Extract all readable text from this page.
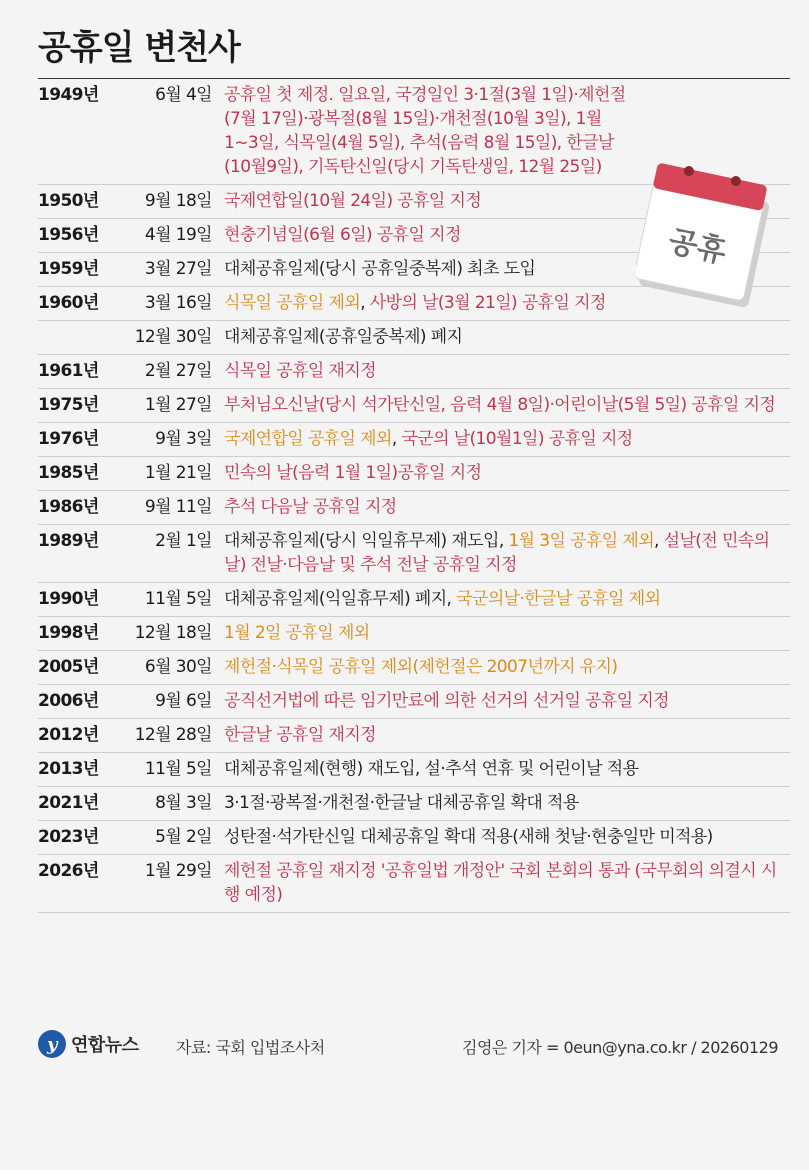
공휴일 변천사
1949년	6월 4일 공휴일 첫 제정. 일요일, 국경일인 3·1절(3월 1일)·제헌절(7월 17일)·광복절(8월 15일)·개천절(10월 3일), 1월 1~3일, 식목일(4월 5일), 추석(음력 8월 15일), 한글날(10월9일), 기독탄신일(당시 기독탄생일, 12월 25일)
1950년	9월 18일 국제연합일(10월 24일) 공휴일 지정
1956년	4월 19일 현충기념일(6월 6일) 공휴일 지정
1959년	3월 27일 대체공휴일제(당시 공휴일중복제) 최초 도입
1960년	3월 16일 식목일 공휴일 제외, 사방의 날(3월 21일) 공휴일 지정
12월 30일 대체공휴일제(공휴일중복제) 폐지
1961년	2월 27일 식목일 공휴일 재지정
1975년	1월 27일 부처님오신날(당시 석가탄신일, 음력 4월 8일)·어린이날(5월 5일) 공휴일 지정
1976년	9월 3일 국제연합일 공휴일 제외, 국군의 날(10월1일) 공휴일 지정
1985년	1월 21일 민속의 날(음력 1월 1일)공휴일 지정
1986년	9월 11일 추석 다음날 공휴일 지정
1989년	2월 1일 대체공휴일제(당시 익일휴무제) 재도입, 1월 3일 공휴일 제외, 설날(전 민속의 날) 전날·다음날 및 추석 전날 공휴일 지정
1990년	11월 5일 대체공휴일제(익일휴무제) 폐지, 국군의날·한글날 공휴일 제외
1998년	12월 18일 1월 2일 공휴일 제외
2005년	6월 30일 제헌절·식목일 공휴일 제외(제헌절은 2007년까지 유지)
2006년	9월 6일 공직선거법에 따른 임기만료에 의한 선거의 선거일 공휴일 지정
2012년	12월 28일 한글날 공휴일 재지정
2013년	11월 5일 대체공휴일제(현행) 재도입, 설·추석 연휴 및 어린이날 적용
2021년	8월 3일 3·1절·광복절·개천절·한글날 대체공휴일 확대 적용
2023년	5월 2일 성탄절·석가탄신일 대체공휴일 확대 적용(새해 첫날·현충일만 미적용)
2026년	1월 29일 제헌절 공휴일 재지정 '공휴일법 개정안' 국회 본회의 통과 (국무회의 의결시 시행 예정)
공휴
y 연합뉴스 자료: 국회 입법조사처	김영은 기자 = 0eun@yna.co.kr / 20260129
